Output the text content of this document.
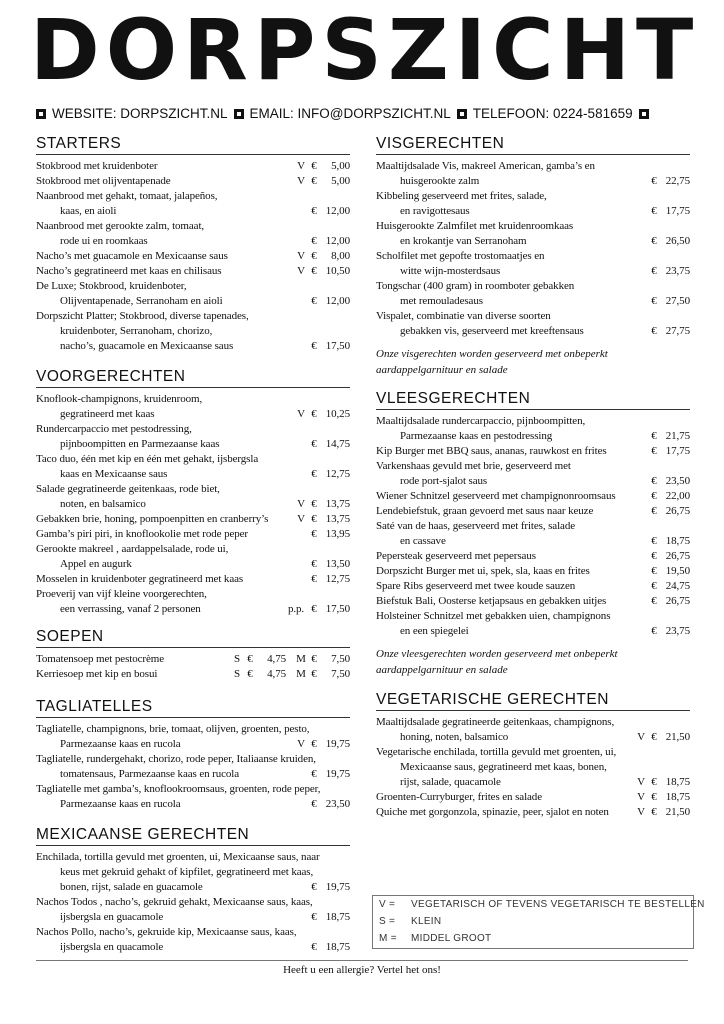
DORPSZICHT
WEBSITE: DORPSZICHT.NL EMAIL: INFO@DORPSZICHT.NL TELEFOON: 0224-581659
STARTERS
Stokbrood met kruidenboter	V €	5,00
Stokbrood met olijventapenade	V €	5,00
Naanbrood met gehakt, tomaat, jalapeños,
kaas, en aioli	€ 12,00
Naanbrood met gerookte zalm, tomaat,
rode ui en roomkaas	€ 12,00
Nacho’s met guacamole en Mexicaanse saus	V €	8,00
Nacho’s gegratineerd met kaas en chilisaus	V € 10,50
De Luxe; Stokbrood, kruidenboter,
Olijventapenade, Serranoham en aioli	€ 12,00
Dorpszicht Platter; Stokbrood, diverse tapenades,
kruidenboter, Serranoham, chorizo,
nacho’s, guacamole en Mexicaanse saus	€ 17,50
VOORGERECHTEN
Knoflook-champignons, kruidenroom,
gegratineerd met kaas	V € 10,25
Rundercarpaccio met pestodressing,
pijnboompitten en Parmezaanse kaas	€ 14,75
Taco duo, één met kip en één met gehakt, ijsbergsla
kaas en Mexicaanse saus	€ 12,75
Salade gegratineerde geitenkaas, rode biet,
noten, en balsamico	V € 13,75
Gebakken brie, honing, pompoenpitten en cranberry’s	V € 13,75
Gamba’s piri piri, in knoflookolie met rode peper	€ 13,95
Gerookte makreel , aardappelsalade, rode ui,
Appel en augurk	€ 13,50
Mosselen in kruidenboter gegratineerd met kaas	€ 12,75
Proeverij van vijf kleine voorgerechten,
een verrassing, vanaf 2 personen	p.p. € 17,50
SOEPEN
Tomatensoep met pestocrème	S €	4,75 M €	7,50
Kerriesoep met kip en bosui	S €	4,75 M €	7,50
TAGLIATELLES
Tagliatelle, champignons, brie, tomaat, olijven, groenten, pesto,
Parmezaanse kaas en rucola	V € 19,75
Tagliatelle, rundergehakt, chorizo, rode peper, Italiaanse kruiden,
tomatensaus, Parmezaanse kaas en rucola	€ 19,75
Tagliatelle met gamba’s, knoflookroomsaus, groenten, rode peper,
Parmezaanse kaas en rucola	€ 23,50
MEXICAANSE GERECHTEN
Enchilada, tortilla gevuld met groenten, ui, Mexicaanse saus, naar
keus met gekruid gehakt of kipfilet, gegratineerd met kaas,
bonen, rijst, salade en guacamole	€ 19,75
Nachos Todos , nacho’s, gekruid gehakt, Mexicaanse saus, kaas,
ijsbergsla en guacamole	€ 18,75
Nachos Pollo, nacho’s, gekruide kip, Mexicaanse saus, kaas,
ijsbergsla en quacamole	€ 18,75
VISGERECHTEN
Maaltijdsalade Vis, makreel American, gamba’s en
huisgerookte zalm	€ 22,75
Kibbeling geserveerd met frites, salade,
en ravigottesaus	€ 17,75
Huisgerookte Zalmfilet met kruidenroomkaas
en krokantje van Serranoham	€ 26,50
Scholfilet met gepofte trostomaatjes en
witte wijn-mosterdsaus	€ 23,75
Tongschar (400 gram) in roomboter gebakken
met remouladesaus	€ 27,50
Vispalet, combinatie van diverse soorten
gebakken vis, geserveerd met kreeftensaus	€ 27,75
Onze visgerechten worden geserveerd met onbeperkt
aardappelgarnituur en salade
VLEESGERECHTEN
Maaltijdsalade rundercarpaccio, pijnboompitten,
Parmezaanse kaas en pestodressing	€ 21,75
Kip Burger met BBQ saus, ananas, rauwkost en frites	€ 17,75
Varkenshaas gevuld met brie, geserveerd met
rode port-sjalot saus	€ 23,50
Wiener Schnitzel geserveerd met champignonroomsaus	€ 22,00
Lendebiefstuk, graan gevoerd met saus naar keuze	€ 26,75
Saté van de haas, geserveerd met frites, salade
en cassave	€ 18,75
Pepersteak geserveerd met pepersaus	€ 26,75
Dorpszicht Burger met ui, spek, sla, kaas en frites	€ 19,50
Spare Ribs geserveerd met twee koude sauzen	€ 24,75
Biefstuk Bali, Oosterse ketjapsaus en gebakken uitjes	€ 26,75
Holsteiner Schnitzel met gebakken uien, champignons
en een spiegelei	€ 23,75
Onze vleesgerechten worden geserveerd met onbeperkt
aardappelgarnituur en salade
VEGETARISCHE GERECHTEN
Maaltijdsalade gegratineerde geitenkaas, champignons,
honing, noten, balsamico	V € 21,50
Vegetarische enchilada, tortilla gevuld met groenten, ui,
Mexicaanse saus, gegratineerd met kaas, bonen,
rijst, salade, quacamole	V € 18,75
Groenten-Curryburger, frites en salade	V € 18,75
Quiche met gorgonzola, spinazie, peer, sjalot en noten	V € 21,50
V = VEGETARISCH OF TEVENS VEGETARISCH TE BESTELLEN
S = KLEIN
M = MIDDEL GROOT
Heeft u een allergie? Vertel het ons!
